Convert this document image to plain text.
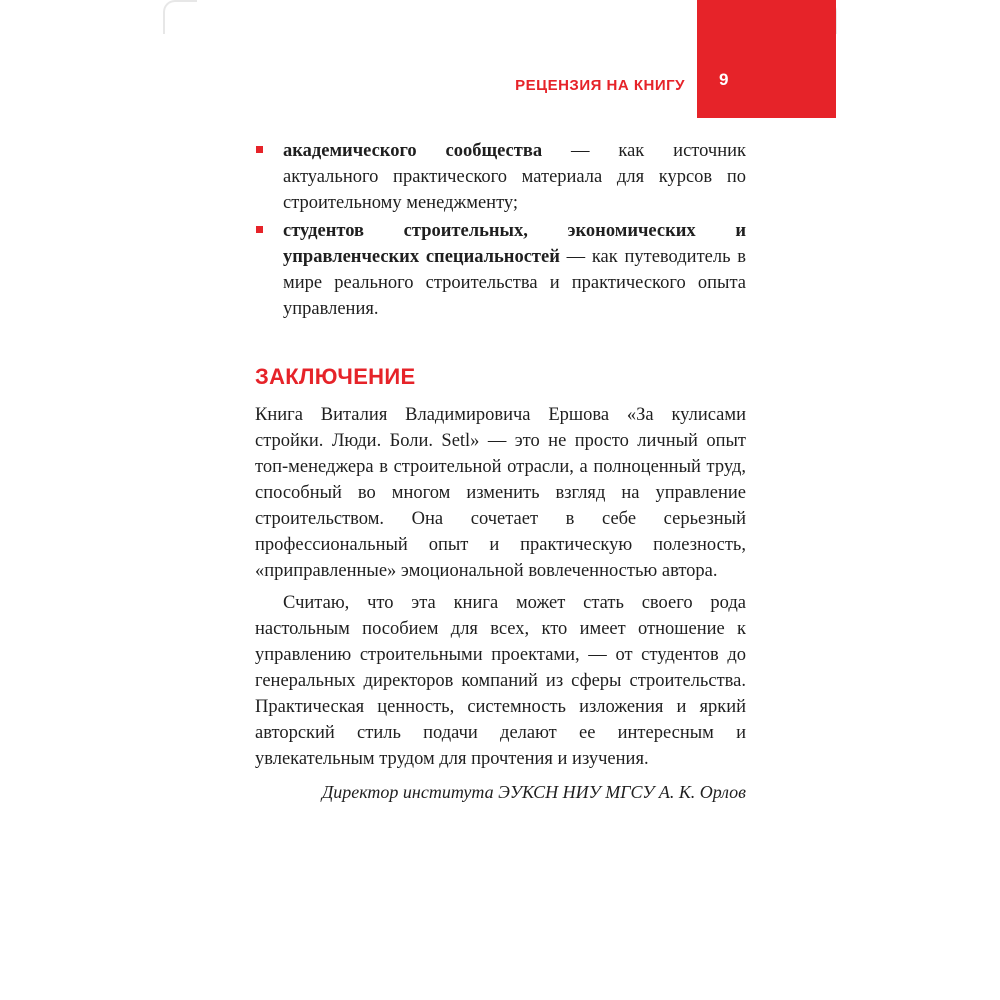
РЕЦЕНЗИЯ НА КНИГУ 9
академического сообщества — как источник актуального практического материала для курсов по строительному менеджменту;
студентов строительных, экономических и управленческих специальностей — как путеводитель в мире реального строительства и практического опыта управления.
ЗАКЛЮЧЕНИЕ

Книга Виталия Владимировича Ершова «За кулисами стройки. Люди. Боли. Setl» — это не просто личный опыт топ-менеджера в строительной отрасли, а полноценный труд, способный во многом изменить взгляд на управление строительством. Она сочетает в себе серьезный профессиональный опыт и практическую полезность, «приправленные» эмоциональной вовлеченностью автора.

Считаю, что эта книга может стать своего рода настольным пособием для всех, кто имеет отношение к управлению строительными проектами, — от студентов до генеральных директоров компаний из сферы строительства. Практическая ценность, системность изложения и яркий авторский стиль подачи делают ее интересным и увлекательным трудом для прочтения и изучения.

Директор института ЭУКСН НИУ МГСУ А. К. Орлов
